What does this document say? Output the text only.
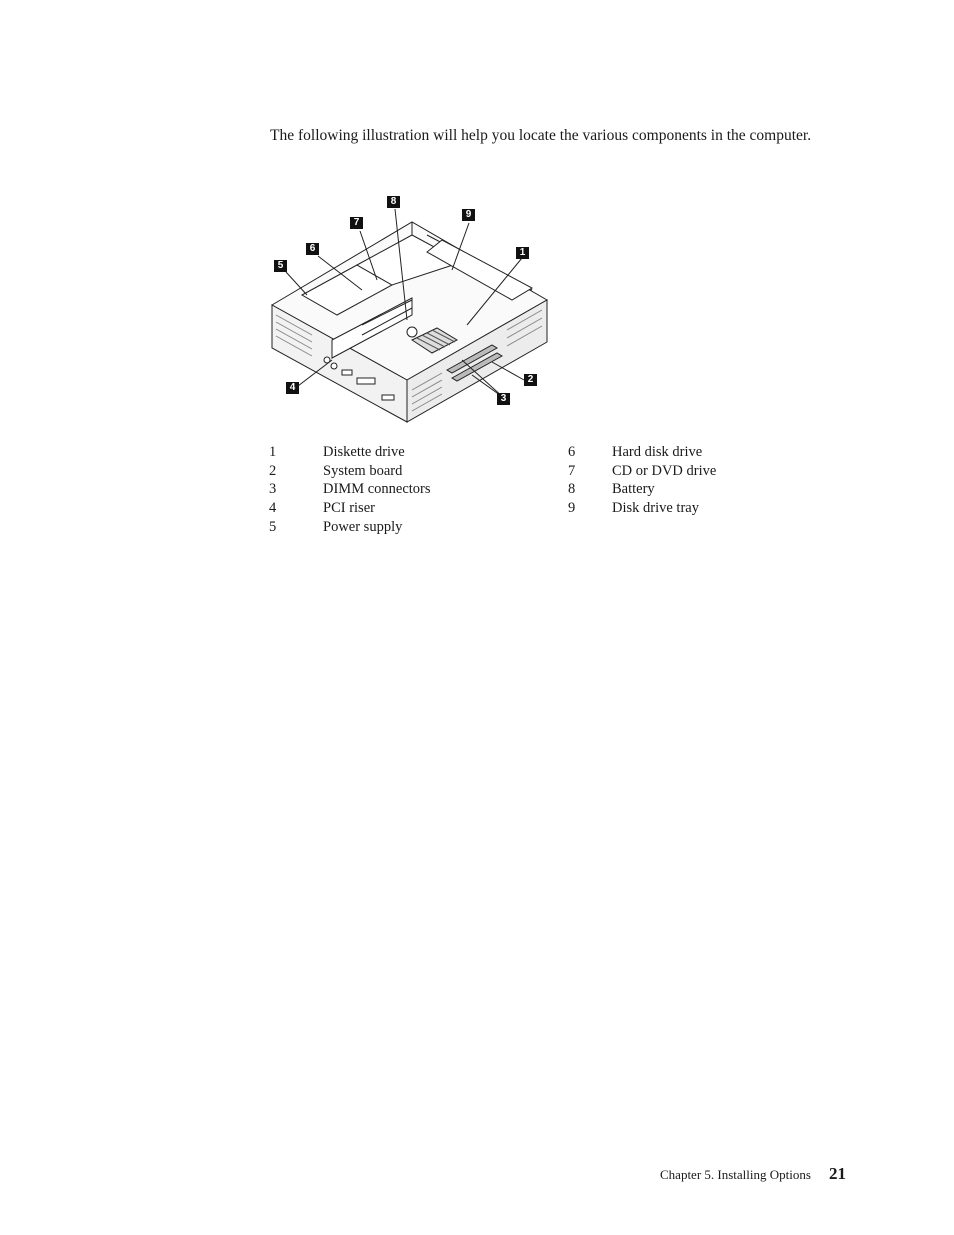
The following illustration will help you locate the various components in the computer.

1
2
3
4
5
6
7
8
9
1	Diskette drive
2	System board
3	DIMM connectors
4	PCI riser
5	Power supply
6	Hard disk drive
7	CD or DVD drive
8	Battery
9	Disk drive tray
Chapter 5. Installing Options 21
